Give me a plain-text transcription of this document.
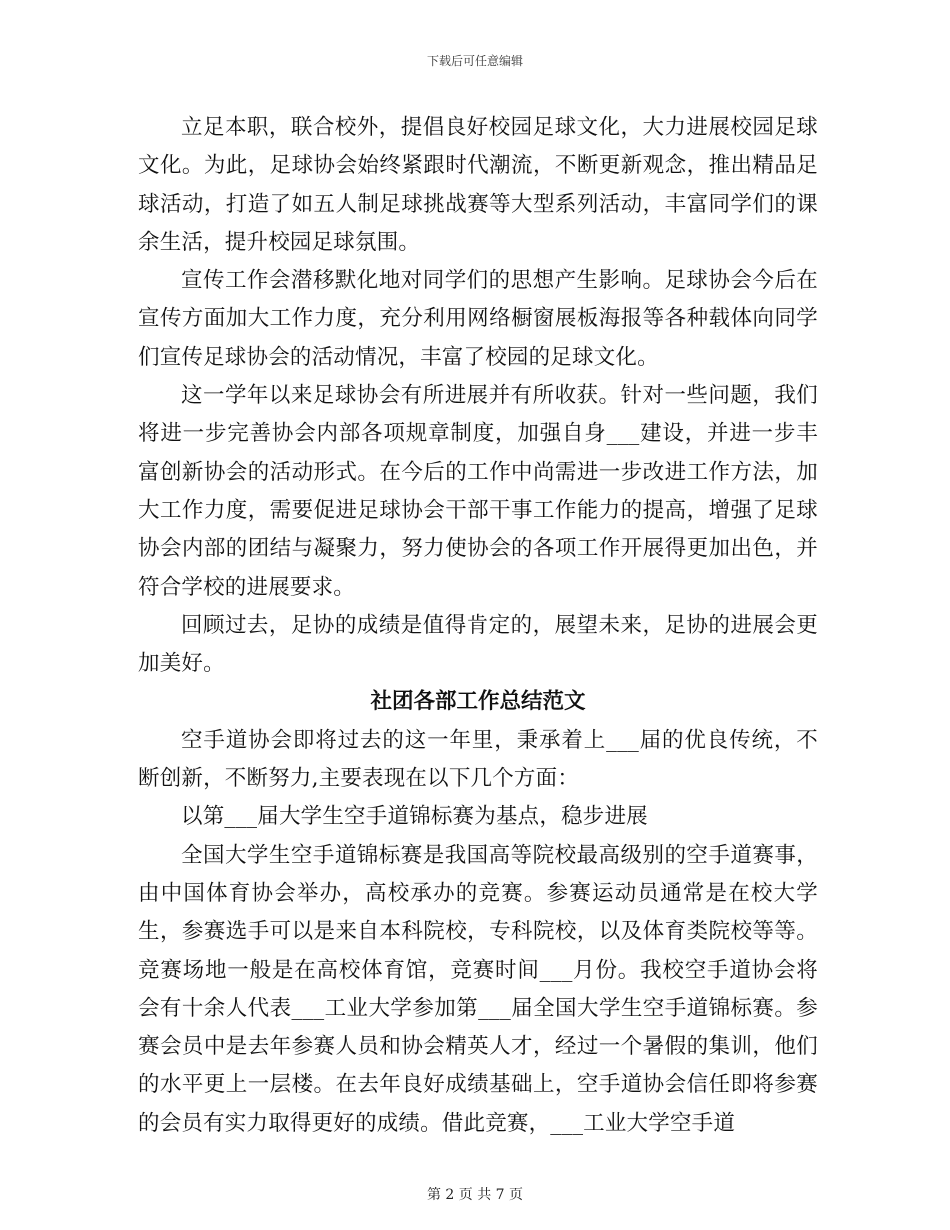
下载后可任意编辑

立足本职，联合校外，提倡良好校园足球文化，大力进展校园足球文化。为此，足球协会始终紧跟时代潮流，不断更新观念，推出精品足球活动，打造了如五人制足球挑战赛等大型系列活动，丰富同学们的课余生活，提升校园足球氛围。

宣传工作会潜移默化地对同学们的思想产生影响。足球协会今后在宣传方面加大工作力度，充分利用网络橱窗展板海报等各种载体向同学们宣传足球协会的活动情况，丰富了校园的足球文化。

这一学年以来足球协会有所进展并有所收获。针对一些问题，我们将进一步完善协会内部各项规章制度，加强自身___建设，并进一步丰富创新协会的活动形式。在今后的工作中尚需进一步改进工作方法，加大工作力度，需要促进足球协会干部干事工作能力的提高，增强了足球协会内部的团结与凝聚力，努力使协会的各项工作开展得更加出色，并符合学校的进展要求。

回顾过去，足协的成绩是值得肯定的，展望未来，足协的进展会更加美好。

社团各部工作总结范文

空手道协会即将过去的这一年里，秉承着上___届的优良传统，不断创新，不断努力,主要表现在以下几个方面：

以第___届大学生空手道锦标赛为基点，稳步进展

全国大学生空手道锦标赛是我国高等院校最高级别的空手道赛事，由中国体育协会举办，高校承办的竞赛。参赛运动员通常是在校大学生，参赛选手可以是来自本科院校，专科院校，以及体育类院校等等。竞赛场地一般是在高校体育馆，竞赛时间___月份。我校空手道协会将会有十余人代表___工业大学参加第___届全国大学生空手道锦标赛。参赛会员中是去年参赛人员和协会精英人才，经过一个暑假的集训，他们的水平更上一层楼。在去年良好成绩基础上，空手道协会信任即将参赛的会员有实力取得更好的成绩。借此竞赛，___工业大学空手道

第 2 页 共 7 页
